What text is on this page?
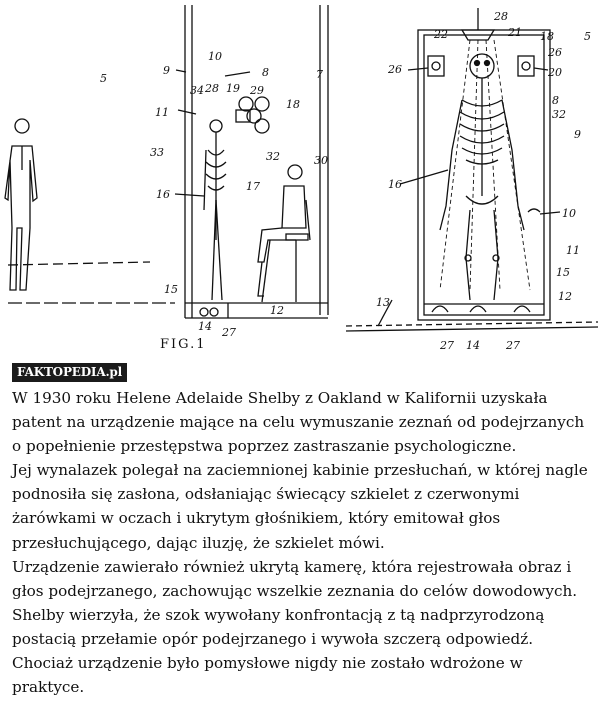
5
9
10
8	7
11
34 28 19 29
18
33	32	30
16
17
15
14 27
12
28
22	21 18	5
26
26
20
8
32
9
16
10
11
15
12
13
27 14 27
FIG.1
FAKTOPEDIA.pl

W 1930 roku Helene Adelaide Shelby z Oakland w Kalifornii uzyskała patent na urządzenie mające na celu wymuszanie zeznań od podejrzanych o popełnienie przestępstwa poprzez zastraszanie psychologiczne.

Jej wynalazek polegał na zaciemnionej kabinie przesłuchań, w której nagle podnosiła się zasłona, odsłaniając świecący szkielet z czerwonymi żarówkami w oczach i ukrytym głośnikiem, który emitował głos przesłuchującego, dając iluzję, że szkielet mówi.

Urządzenie zawierało również ukrytą kamerę, która rejestrowała obraz i głos podejrzanego, zachowując wszelkie zeznania do celów dowodowych. Shelby wierzyła, że szok wywołany konfrontacją z tą nadprzyrodzoną postacią przełamie opór podejrzanego i wywoła szczerą odpowiedź.

Chociaż urządzenie było pomysłowe nigdy nie zostało wdrożone w praktyce.
